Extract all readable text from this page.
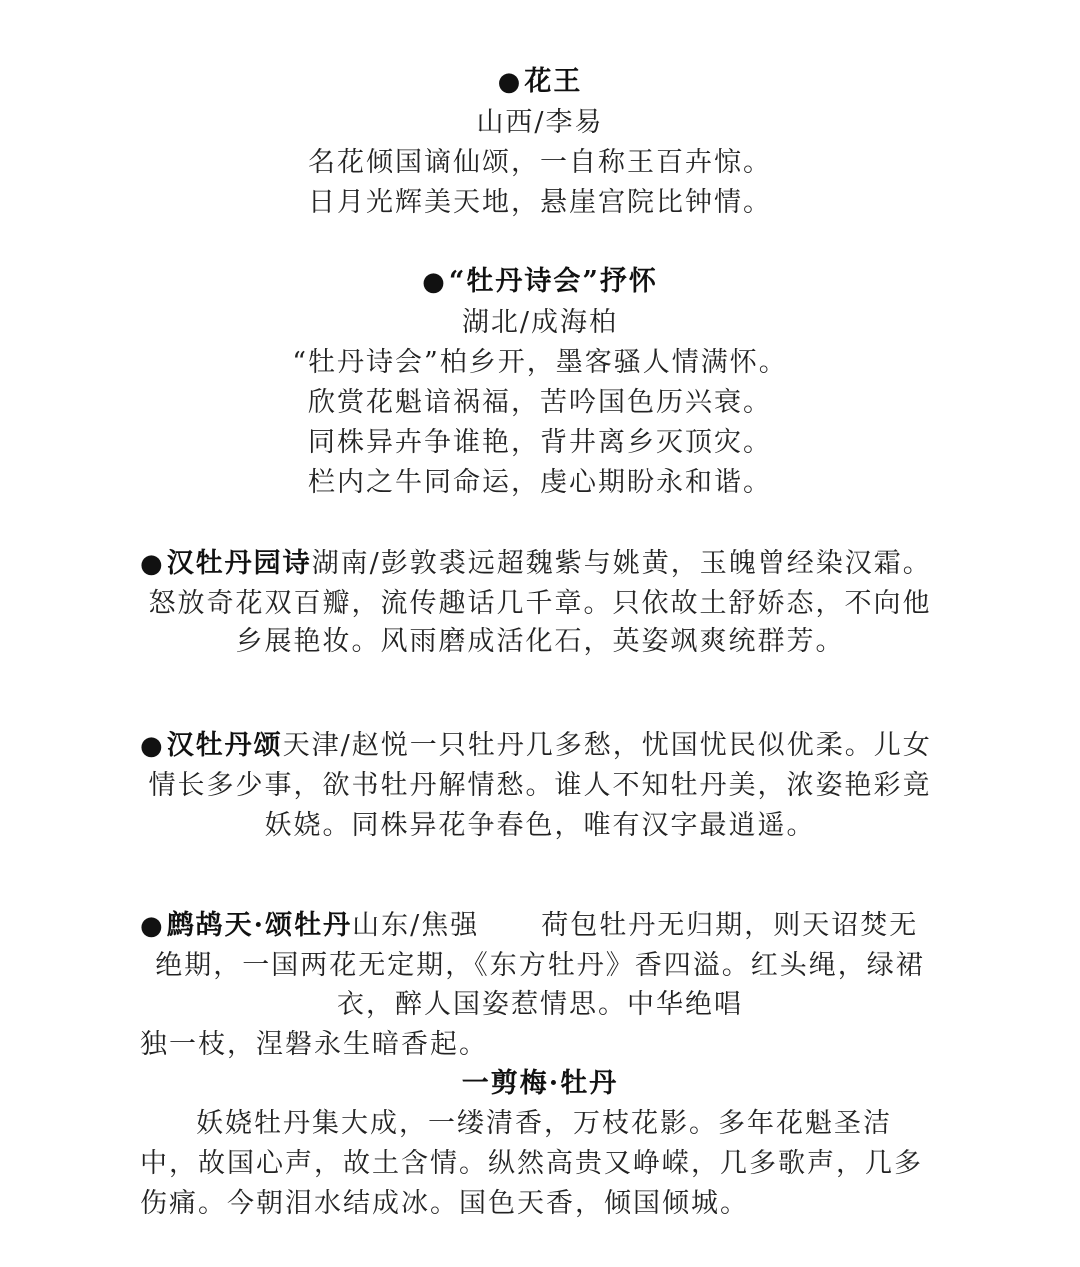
●花王
山西/李易
名花倾国谪仙颂，一自称王百卉惊。
日月光辉美天地，悬崖宫院比钟情。
●“牡丹诗会”抒怀
湖北/成海柏
“牡丹诗会”柏乡开，墨客骚人情满怀。
欣赏花魁谙祸福，苦吟国色历兴衰。
同株异卉争谁艳，背井离乡灭顶灾。
栏内之牛同命运，虔心期盼永和谐。
●汉牡丹园诗湖南/彭敦裘远超魏紫与姚黄，玉魄曾经染汉霜。
怒放奇花双百瓣，流传趣话几千章。只依故土舒娇态，不向他
乡展艳妆。风雨磨成活化石，英姿飒爽统群芳。
●汉牡丹颂天津/赵悦一只牡丹几多愁，忧国忧民似优柔。儿女
情长多少事，欲书牡丹解情愁。谁人不知牡丹美，浓姿艳彩竟
妖娆。同株异花争春色，唯有汉字最逍遥。
●鹧鸪天·颂牡丹山东/焦强 荷包牡丹无归期，则天诏焚无
绝期，一国两花无定期，《东方牡丹》香四溢。红头绳，绿裙
衣，醉人国姿惹情思。中华绝唱
独一枝，涅磐永生暗香起。
一剪梅·牡丹
妖娆牡丹集大成，一缕清香，万枝花影。多年花魁圣洁
中，故国心声，故土含情。纵然高贵又峥嵘，几多歌声，几多
伤痛。今朝泪水结成冰。国色天香，倾国倾城。
